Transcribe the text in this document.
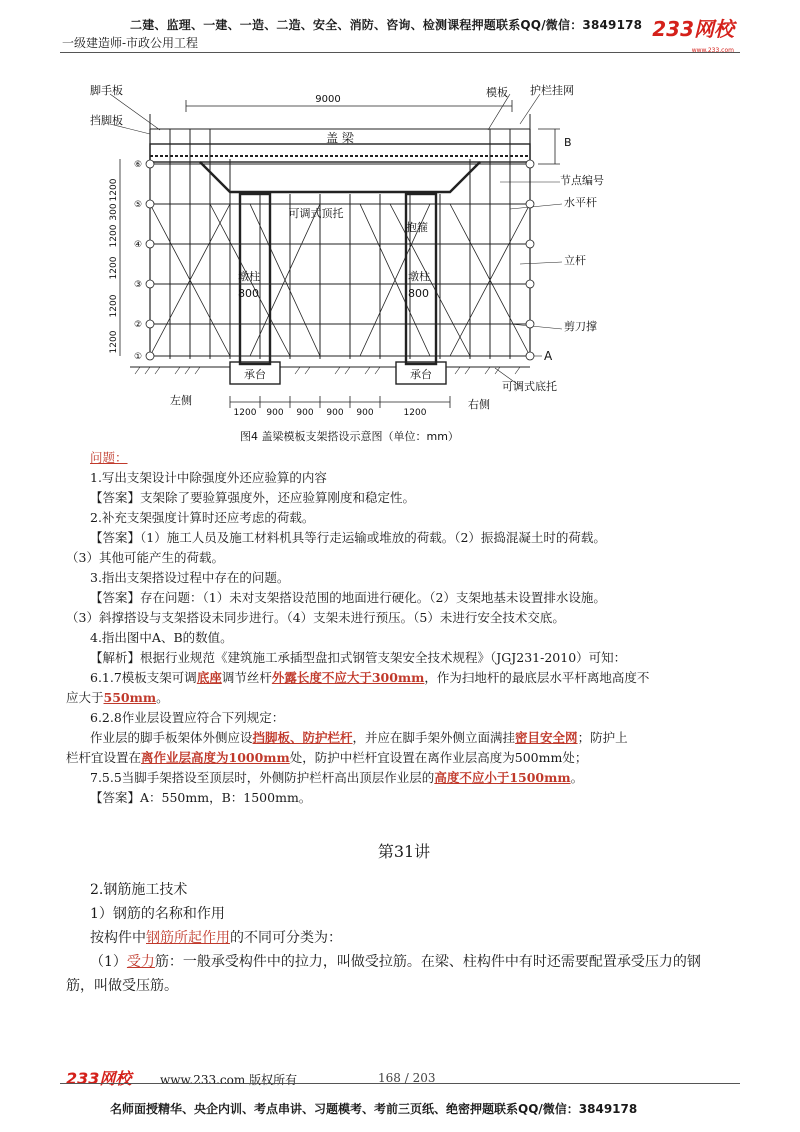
二建、监理、一建、一造、二造、安全、消防、咨询、检测课程押题联系QQ/微信：3849178
一级建造师-市政公用工程
233网校
www.233.com
脚手板
挡脚板
模板 护栏挂网
9000
盖 梁	B
节点编号
水平杆
可调式顶托
抱箍
立杆
墩柱
800
墩柱
800
剪刀撑
A
承台	承台
可调式底托
左侧	右侧
1200
300
1200
1200
1200
1200
①
②
③
④
⑤
⑥
1200 900 900 900 900	1200
图4 盖梁模板支架搭设示意图（单位：mm）

问题：

1.写出支架设计中除强度外还应验算的内容

【答案】支架除了要验算强度外，还应验算刚度和稳定性。

2.补充支架强度计算时还应考虑的荷载。

【答案】（1）施工人员及施工材料机具等行走运输或堆放的荷载。（2）振捣混凝土时的荷载。

（3）其他可能产生的荷载。

3.指出支架搭设过程中存在的问题。

【答案】存在问题：（1）未对支架搭设范围的地面进行硬化。（2）支架地基未设置排水设施。

（3）斜撑搭设与支架搭设未同步进行。（4）支架未进行预压。（5）未进行安全技术交底。

4.指出图中A、B的数值。

【解析】根据行业规范《建筑施工承插型盘扣式钢管支架安全技术规程》（JGJ231-2010）可知：

6.1.7模板支架可调底座调节丝杆外露长度不应大于300mm，作为扫地杆的最底层水平杆离地高度不

应大于550mm。

6.2.8作业层设置应符合下列规定：

作业层的脚手板架体外侧应设挡脚板、防护栏杆，并应在脚手架外侧立面满挂密目安全网；防护上

栏杆宜设置在离作业层高度为1000mm处，防护中栏杆宜设置在离作业层高度为500mm处；

7.5.5当脚手架搭设至顶层时，外侧防护栏杆高出顶层作业层的高度不应小于1500mm。

【答案】A：550mm，B：1500mm。

第31讲

2.钢筋施工技术

1）钢筋的名称和作用

按构件中钢筋所起作用的不同可分类为：

（1）受力筋：一般承受构件中的拉力，叫做受拉筋。在梁、柱构件中有时还需要配置承受压力的钢

筋，叫做受压筋。

233网校 www.233.com 版权所有	168 / 203
名师面授精华、央企内训、考点串讲、习题模考、考前三页纸、绝密押题联系QQ/微信：3849178
